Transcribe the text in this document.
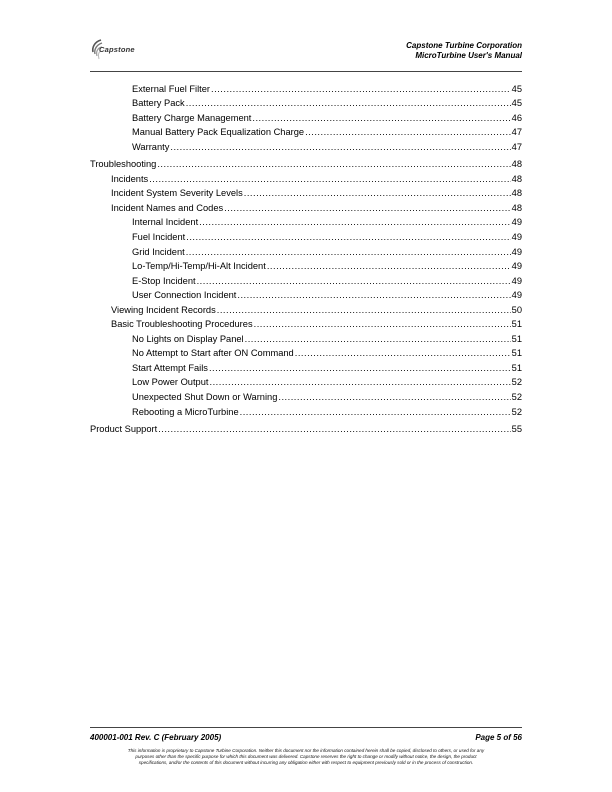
Capstone	Capstone Turbine Corporation
MicroTurbine User's Manual
External Fuel Filter .....	45
Battery Pack .....	45
Battery Charge Management .....	46
Manual Battery Pack Equalization Charge .....	47
Warranty .....	47
Troubleshooting .....	48
Incidents .....	48
Incident System Severity Levels .....	48
Incident Names and Codes .....	48
Internal Incident .....	49
Fuel Incident .....	49
Grid Incident .....	49
Lo-Temp/Hi-Temp/Hi-Alt Incident .....	49
E-Stop Incident .....	49
User Connection Incident .....	49
Viewing Incident Records .....	50
Basic Troubleshooting Procedures .....	51
No Lights on Display Panel .....	51
No Attempt to Start after ON Command .....	51
Start Attempt Fails .....	51
Low Power Output .....	52
Unexpected Shut Down or Warning .....	52
Rebooting a MicroTurbine .....	52
Product Support .....	55
400001-001 Rev. C (February 2005)	Page 5 of 56
This information is proprietary to Capstone Turbine Corporation. Neither this document nor the information contained herein shall be copied, disclosed to others, or used for any
purposes other than the specific purpose for which this document was delivered. Capstone reserves the right to change or modify without notice, the design, the product
specifications, and/or the contents of this document without incurring any obligation either with respect to equipment previously sold or in the process of construction.
